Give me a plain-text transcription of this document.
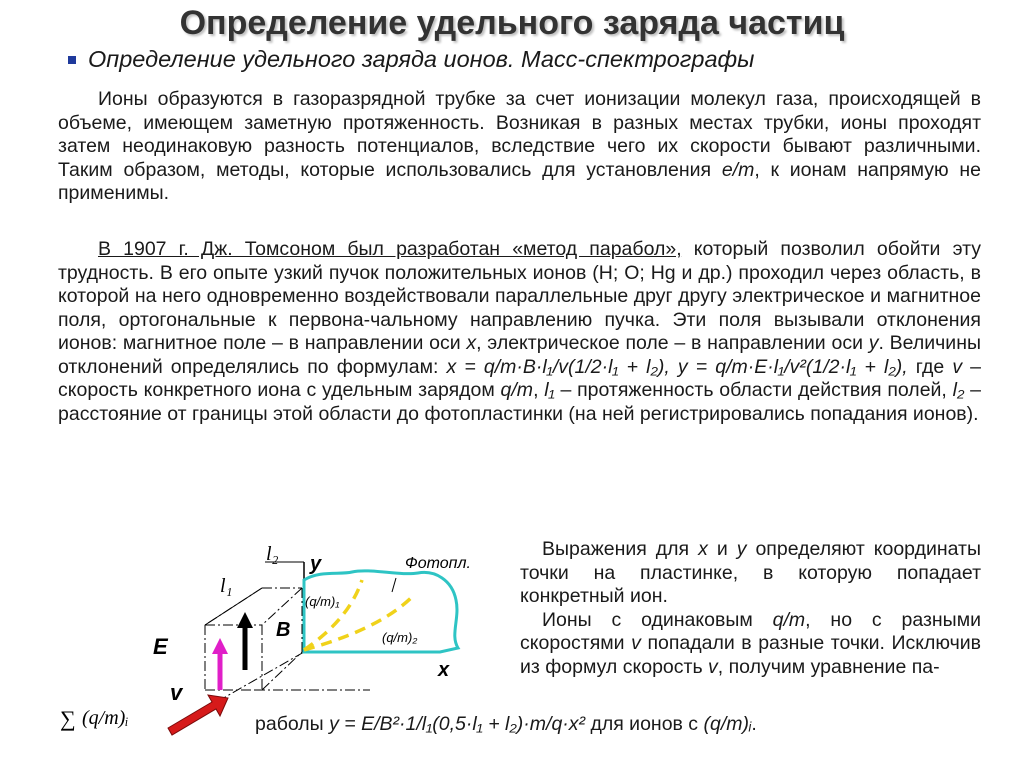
Определение удельного заряда частиц
Определение удельного заряда ионов. Масс-спектрографы

Ионы образуются в газоразрядной трубке за счет ионизации молекул газа, происходящей в объеме, имеющем заметную протяженность. Возникая в разных местах трубки, ионы проходят затем неодинаковую разность потенциалов, вследствие чего их скорости бывают различными. Таким образом, методы, которые использовались для установления e/m, к ионам напрямую не применимы.

В 1907 г. Дж. Томсоном был разработан «метод парабол», который позволил обойти эту трудность. В его опыте узкий пучок положительных ионов (Н; О; Hg и др.) проходил через область, в которой на него одновременно воздействовали параллельные друг другу электрическое и магнитное поля, ортогональные к первона-чальному направлению пучка. Эти поля вызывали отклонения ионов: магнитное поле – в направлении оси x, электрическое поле – в направлении оси y. Величины отклонений определялись по формулам: x = q/m·B·l₁/v(1/2·l₁ + l₂), y = q/m·E·l₁/v²(1/2·l₁ + l₂), где v – скорость конкретного иона с удельным зарядом q/m, l₁ – протяженность области действия полей, l₂ – расстояние от границы этой области до фотопластинки (на ней регистрировались попадания ионов).

Выражения для x и y определяют координаты точки на пластинке, в которую попадает конкретный ион.

Ионы с одинаковым q/m, но с разными скоростями v попадали в разные точки. Исключив из формул скорость v, получим уравнение па-

раболы y = E/B²·1/l₁(0,5·l₁ + l₂)·m/q·x² для ионов с (q/m)ᵢ.

l₂ y	Фотопл.
l₁
(q/m)₁
(q/m)₂
B
E
x
v
∑ (q/m)ᵢ
